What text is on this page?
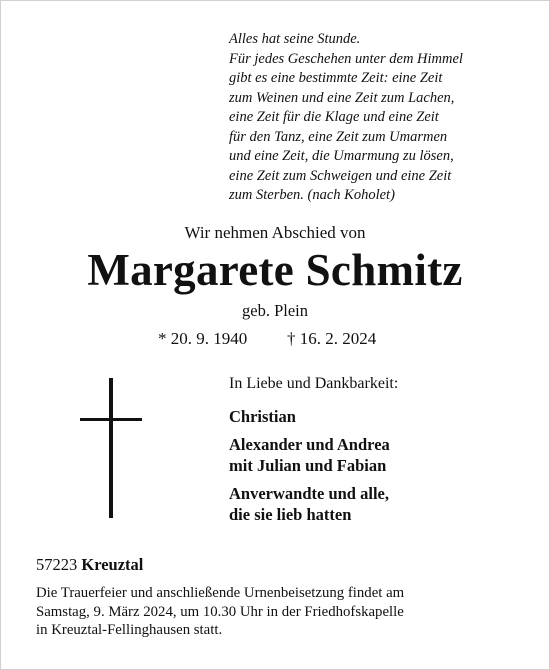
Alles hat seine Stunde.
Für jedes Geschehen unter dem Himmel
gibt es eine bestimmte Zeit: eine Zeit
zum Weinen und eine Zeit zum Lachen,
eine Zeit für die Klage und eine Zeit
für den Tanz, eine Zeit zum Umarmen
und eine Zeit, die Umarmung zu lösen,
eine Zeit zum Schweigen und eine Zeit
zum Sterben. (nach Koholet)
Wir nehmen Abschied von
Margarete Schmitz
geb. Plein
* 20. 9. 1940 † 16. 2. 2024
In Liebe und Dankbarkeit:
Christian
Alexander und Andrea
mit Julian und Fabian
Anverwandte und alle,
die sie lieb hatten
57223 Kreuztal
Die Trauerfeier und anschließende Urnenbeisetzung findet am
Samstag, 9. März 2024, um 10.30 Uhr in der Friedhofskapelle
in Kreuztal-Fellinghausen statt.
